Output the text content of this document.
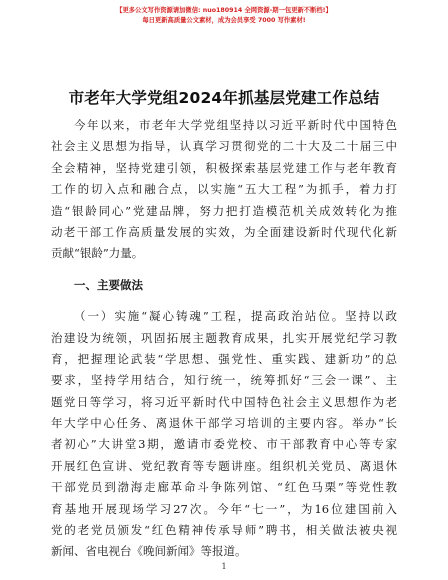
【更多公文写作资源请加微信: nuo180914 全网资源-期一包更新不断档!】
每日更新高质量公文素材，成为会员享受 7000 写作素材!
市老年大学党组2024年抓基层党建工作总结
今年以来，市老年大学党组坚持以习近平新时代中国特色
社会主义思想为指导，认真学习贯彻党的二十大及二十届三中
全会精神，坚持党建引领，积极探索基层党建工作与老年教育
工作的切入点和融合点，以实施“五大工程”为抓手，着力打
造“银龄同心”党建品牌，努力把打造模范机关成效转化为推
动老干部工作高质量发展的实效，为全面建设新时代现代化新
贡献“银龄”力量。
一、主要做法
（一）实施“凝心铸魂”工程，提高政治站位。坚持以政
治建设为统领，巩固拓展主题教育成果，扎实开展党纪学习教
育，把握理论武装“学思想、强党性、重实践、建新功”的总
要求，坚持学用结合，知行统一，统筹抓好“三会一课”、主
题党日等学习，将习近平新时代中国特色社会主义思想作为老
年大学中心任务、离退休干部学习培训的主要内容。举办“长
者初心”大讲堂3期，邀请市委党校、市干部教育中心等专家
开展红色宣讲、党纪教育等专题讲座。组织机关党员、离退休
干部党员到渤海走廊革命斗争陈列馆、“红色马栗”等党性教
育基地开展现场学习27次。今年“七一”，为16位建国前入
党的老党员颁发“红色精神传承导师”聘书，相关做法被央视
新闻、省电视台《晚间新闻》等报道。
1
